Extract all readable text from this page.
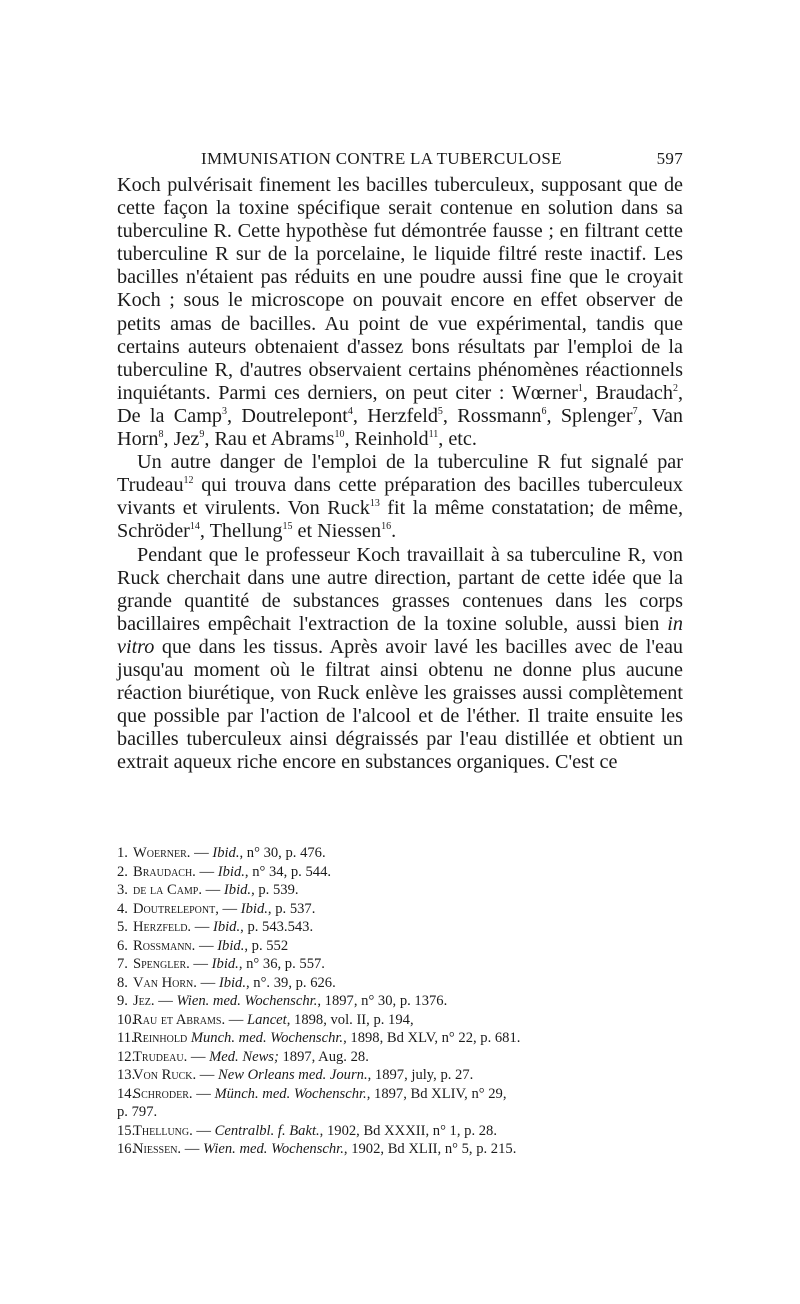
IMMUNISATION CONTRE LA TUBERCULOSE	597

Koch pulvérisait finement les bacilles tuberculeux, supposant que de cette façon la toxine spécifique serait contenue en solution dans sa tuberculine R. Cette hypothèse fut démontrée fausse ; en filtrant cette tuberculine R sur de la porcelaine, le liquide filtré reste inactif. Les bacilles n'étaient pas réduits en une poudre aussi fine que le croyait Koch ; sous le microscope on pouvait encore en effet observer de petits amas de bacilles. Au point de vue expérimental, tandis que certains auteurs obtenaient d'assez bons résultats par l'emploi de la tuberculine R, d'autres observaient certains phénomènes réactionnels inquiétants. Parmi ces derniers, on peut citer : Wœrner$^1$, Braudach$^2$, De la Camp$^3$, Doutrelepont$^4$, Herzfeld$^5$, Rossmann$^6$, Splenger$^7$, Van Horn$^8$, Jez$^9$, Rau et Abrams$^{10}$, Reinhold$^{11}$, etc.

Un autre danger de l'emploi de la tuberculine R fut signalé par Trudeau$^{12}$ qui trouva dans cette préparation des bacilles tuberculeux vivants et virulents. Von Ruck$^{13}$ fit la même constatation; de même, Schröder$^{14}$, Thellung$^{15}$ et Niessen$^{16}$.

Pendant que le professeur Koch travaillait à sa tuberculine R, von Ruck cherchait dans une autre direction, partant de cette idée que la grande quantité de substances grasses contenues dans les corps bacillaires empêchait l'extraction de la toxine soluble, aussi bien in vitro que dans les tissus. Après avoir lavé les bacilles avec de l'eau jusqu'au moment où le filtrat ainsi obtenu ne donne plus aucune réaction biurétique, von Ruck enlève les graisses aussi complètement que possible par l'action de l'alcool et de l'éther. Il traite ensuite les bacilles tuberculeux ainsi dégraissés par l'eau distillée et obtient un extrait aqueux riche encore en substances organiques. C'est ce

1. Woerner. — Ibid., n° 30, p. 476.
2. Braudach. — Ibid., n° 34, p. 544.
3. de la Camp. — Ibid., p. 539.
4. Doutrelepont, — Ibid., p. 537.
5. Herzfeld. — Ibid., p. 543.543.
6. Rossmann. — Ibid., p. 552
7. Spengler. — Ibid., n° 36, p. 557.
8. Van Horn. — Ibid., n°. 39, p. 626.
9. Jez. — Wien. med. Wochenschr., 1897, n° 30, p. 1376.
10.Rau et Abrams. — Lancet, 1898, vol. II, p. 194,
11.Reinhold Munch. med. Wochenschr., 1898, Bd XLV, n° 22, p. 681.
12.Trudeau. — Med. News; 1897, Aug. 28.
13.Von Ruck. — New Orleans med. Journ., 1897, july, p. 27.
14.Schroder. — Münch. med. Wochenschr., 1897, Bd XLIV, n° 29,
p. 797.
15.Thellung. — Centralbl. f. Bakt., 1902, Bd XXXII, n° 1, p. 28.
16.Niessen. — Wien. med. Wochenschr., 1902, Bd XLII, n° 5, p. 215.
